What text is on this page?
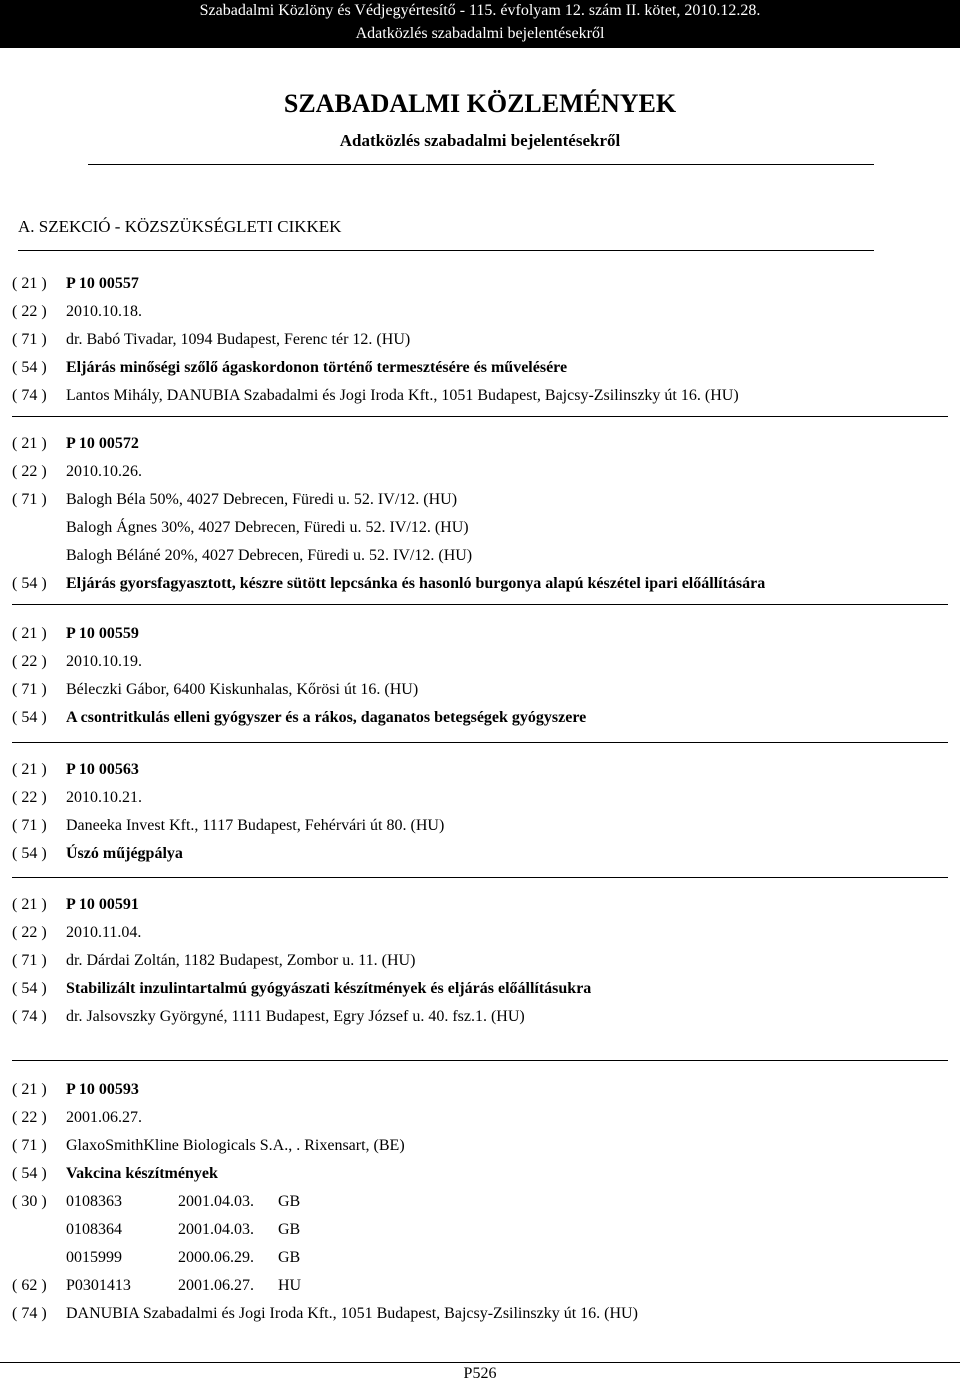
Szabadalmi Közlöny és Védjegyértesítő - 115. évfolyam 12. szám II. kötet, 2010.12.28.
Adatközlés szabadalmi bejelentésekről
SZABADALMI KÖZLEMÉNYEK
Adatközlés szabadalmi bejelentésekről
A. SZEKCIÓ - KÖZSZÜKSÉGLETI CIKKEK
( 21 )	P 10 00557
( 22 )	2010.10.18.
( 71 )	dr. Babó Tivadar, 1094 Budapest, Ferenc tér 12. (HU)
( 54 )	Eljárás minőségi szőlő ágaskordonon történő termesztésére és művelésére
( 74 )	Lantos Mihály, DANUBIA Szabadalmi és Jogi Iroda Kft., 1051 Budapest, Bajcsy-Zsilinszky út 16. (HU)
( 21 )	P 10 00572
( 22 )	2010.10.26.
( 71 )	Balogh Béla 50%, 4027 Debrecen, Füredi u. 52. IV/12. (HU)
Balogh Ágnes 30%, 4027 Debrecen, Füredi u. 52. IV/12. (HU)
Balogh Béláné 20%, 4027 Debrecen, Füredi u. 52. IV/12. (HU)
( 54 )	Eljárás gyorsfagyasztott, készre sütött lepcsánka és hasonló burgonya alapú készétel ipari előállítására
( 21 )	P 10 00559
( 22 )	2010.10.19.
( 71 )	Béleczki Gábor, 6400 Kiskunhalas, Kőrösi út 16. (HU)
( 54 )	A csontritkulás elleni gyógyszer és a rákos, daganatos betegségek gyógyszere
( 21 )	P 10 00563
( 22 )	2010.10.21.
( 71 )	Daneeka Invest Kft., 1117 Budapest, Fehérvári út 80. (HU)
( 54 )	Úszó műjégpálya
( 21 )	P 10 00591
( 22 )	2010.11.04.
( 71 )	dr. Dárdai Zoltán, 1182 Budapest, Zombor u. 11. (HU)
( 54 )	Stabilizált inzulintartalmú gyógyászati készítmények és eljárás előállításukra
( 74 )	dr. Jalsovszky Györgyné, 1111 Budapest, Egry József u. 40. fsz.1. (HU)
( 21 )	P 10 00593
( 22 )	2001.06.27.
( 71 )	GlaxoSmithKline Biologicals S.A., . Rixensart, (BE)
( 54 )	Vakcina készítmények
( 30 )	0108363	2001.04.03. GB
0108364	2001.04.03. GB
0015999	2000.06.29. GB
( 62 )	P0301413	2001.06.27. HU
( 74 )	DANUBIA Szabadalmi és Jogi Iroda Kft., 1051 Budapest, Bajcsy-Zsilinszky út 16. (HU)
P526
